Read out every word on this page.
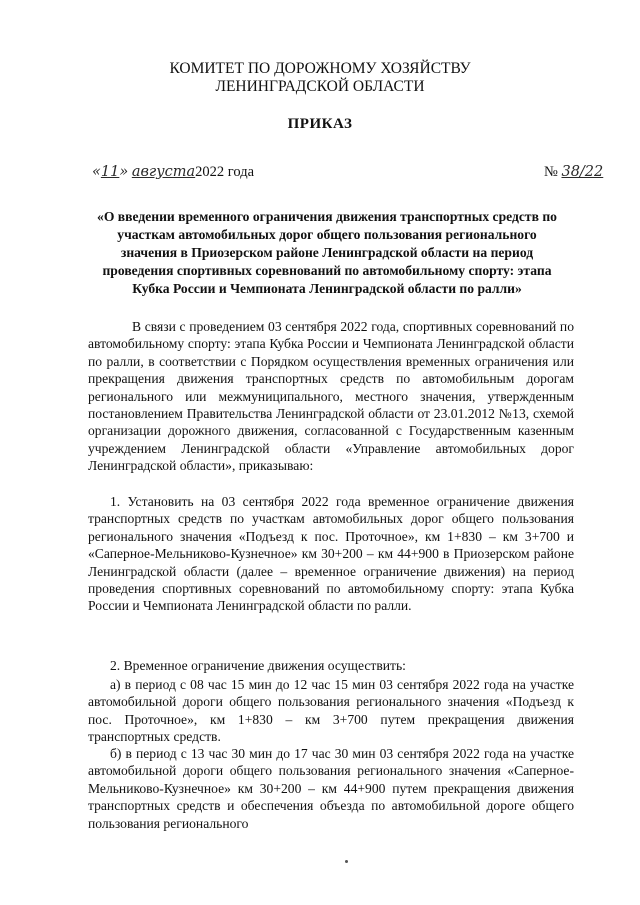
КОМИТЕТ ПО ДОРОЖНОМУ ХОЗЯЙСТВУ
ЛЕНИНГРАДСКОЙ ОБЛАСТИ
ПРИКАЗ
«11» августа2022 года	№ 38/22
«О введении временного ограничения движения транспортных средств по участкам автомобильных дорог общего пользования регионального значения в Приозерском районе Ленинградской области на период проведения спортивных соревнований по автомобильному спорту: этапа Кубка России и Чемпионата Ленинградской области по ралли»
В связи с проведением 03 сентября 2022 года, спортивных соревнований по автомобильному спорту: этапа Кубка России и Чемпионата Ленинградской области по ралли, в соответствии с Порядком осуществления временных ограничения или прекращения движения транспортных средств по автомобильным дорогам регионального или межмуниципального, местного значения, утвержденным постановлением Правительства Ленинградской области от 23.01.2012 №13, схемой организации дорожного движения, согласованной с Государственным казенным учреждением Ленинградской области «Управление автомобильных дорог Ленинградской области», приказываю:
1. Установить на 03 сентября 2022 года временное ограничение движения транспортных средств по участкам автомобильных дорог общего пользования регионального значения «Подъезд к пос. Проточное», км 1+830 – км 3+700 и «Саперное-Мельниково-Кузнечное» км 30+200 – км 44+900 в Приозерском районе Ленинградской области (далее – временное ограничение движения) на период проведения спортивных соревнований по автомобильному спорту: этапа Кубка России и Чемпионата Ленинградской области по ралли.
2. Временное ограничение движения осуществить:
а) в период с 08 час 15 мин до 12 час 15 мин 03 сентября 2022 года на участке автомобильной дороги общего пользования регионального значения «Подъезд к пос. Проточное», км 1+830 – км 3+700 путем прекращения движения транспортных средств.
б) в период с 13 час 30 мин до 17 час 30 мин 03 сентября 2022 года на участке автомобильной дороги общего пользования регионального значения «Саперное-Мельниково-Кузнечное» км 30+200 – км 44+900 путем прекращения движения транспортных средств и обеспечения объезда по автомобильной дороге общего пользования регионального
